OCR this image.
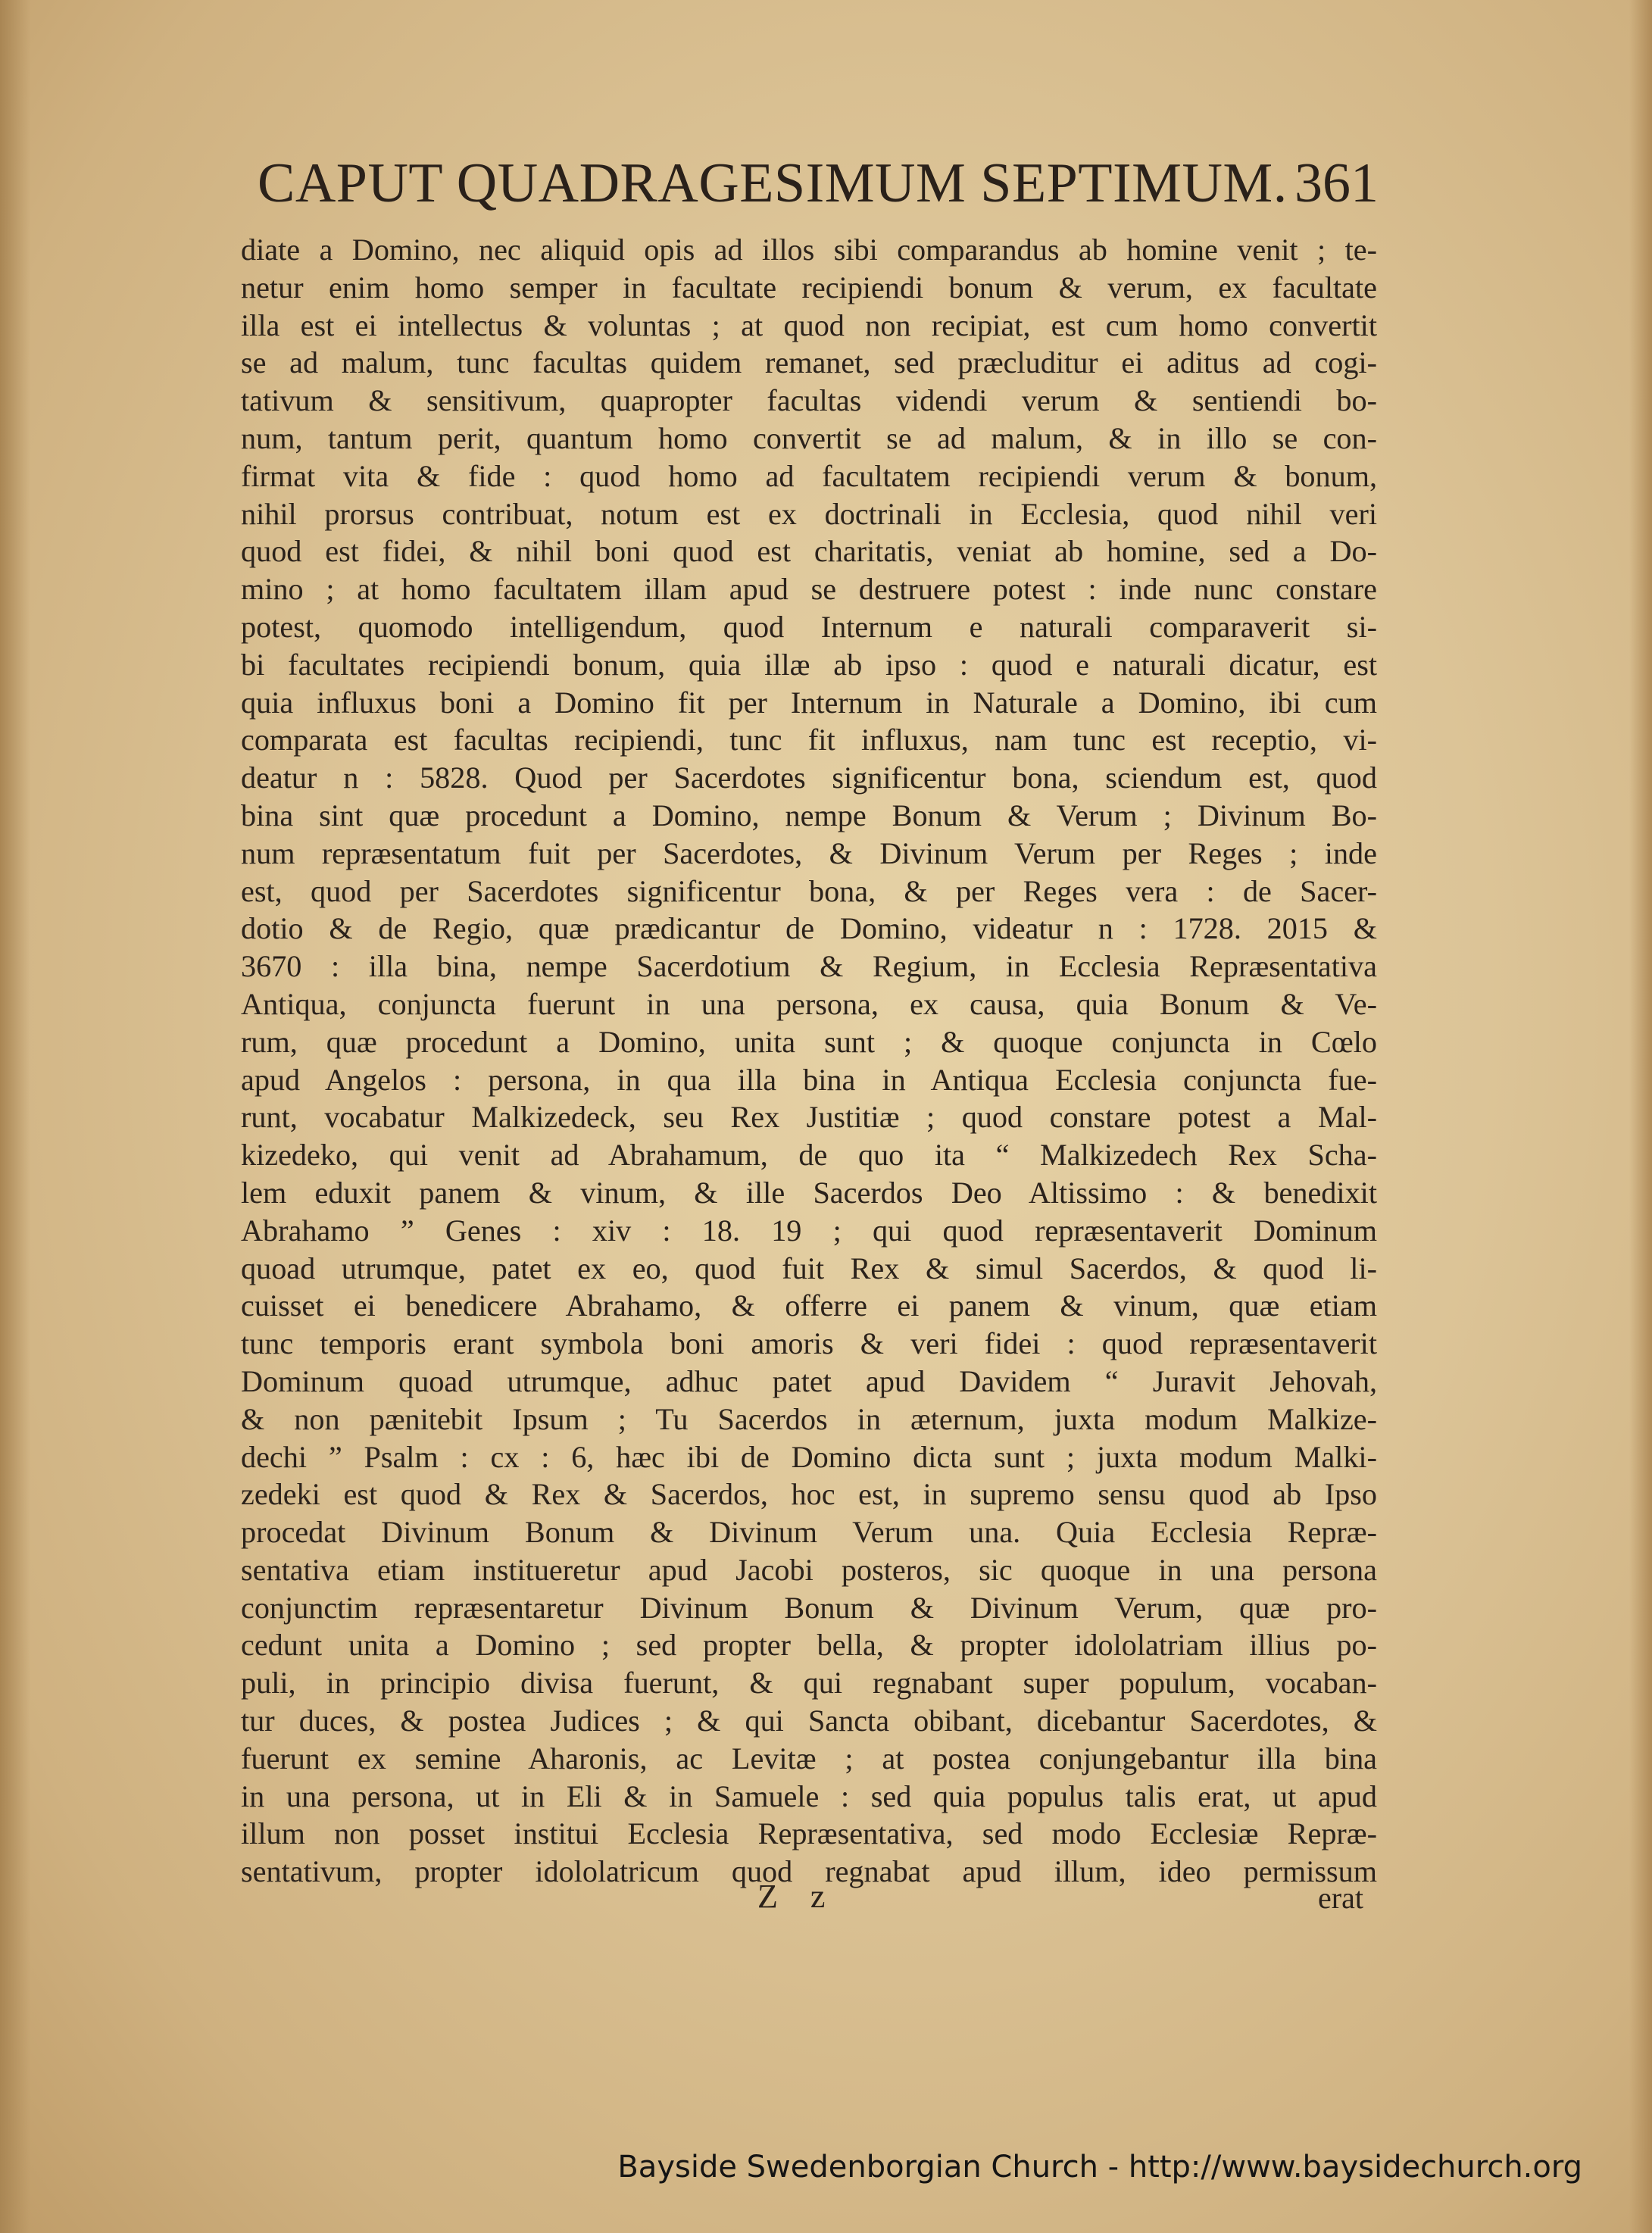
CAPUT QUADRAGESIMUM SEPTIMUM. 361
diate a Domino, nec aliquid opis ad illos sibi comparandus ab homine venit ; te-
netur enim homo semper in facultate recipiendi bonum & verum, ex facultate
illa est ei intellectus & voluntas ; at quod non recipiat, est cum homo convertit
se ad malum, tunc facultas quidem remanet, sed præcluditur ei aditus ad cogi-
tativum & sensitivum, quapropter facultas videndi verum & sentiendi bo-
num, tantum perit, quantum homo convertit se ad malum, & in illo se con-
firmat vita & fide : quod homo ad facultatem recipiendi verum & bonum,
nihil prorsus contribuat, notum est ex doctrinali in Ecclesia, quod nihil veri
quod est fidei, & nihil boni quod est charitatis, veniat ab homine, sed a Do-
mino ; at homo facultatem illam apud se destruere potest : inde nunc constare
potest, quomodo intelligendum, quod Internum e naturali comparaverit si-
bi facultates recipiendi bonum, quia illæ ab ipso : quod e naturali dicatur, est
quia influxus boni a Domino fit per Internum in Naturale a Domino, ibi cum
comparata est facultas recipiendi, tunc fit influxus, nam tunc est receptio, vi-
deatur n : 5828. Quod per Sacerdotes significentur bona, sciendum est, quod
bina sint quæ procedunt a Domino, nempe Bonum & Verum ; Divinum Bo-
num repræsentatum fuit per Sacerdotes, & Divinum Verum per Reges ; inde
est, quod per Sacerdotes significentur bona, & per Reges vera : de Sacer-
dotio & de Regio, quæ prædicantur de Domino, videatur n : 1728. 2015 &
3670 : illa bina, nempe Sacerdotium & Regium, in Ecclesia Repræsentativa
Antiqua, conjuncta fuerunt in una persona, ex causa, quia Bonum & Ve-
rum, quæ procedunt a Domino, unita sunt ; & quoque conjuncta in Cœlo
apud Angelos : persona, in qua illa bina in Antiqua Ecclesia conjuncta fue-
runt, vocabatur Malkizedeck, seu Rex Justitiæ ; quod constare potest a Mal-
kizedeko, qui venit ad Abrahamum, de quo ita “ Malkizedech Rex Scha-
lem eduxit panem & vinum, & ille Sacerdos Deo Altissimo : & benedixit
Abrahamo ” Genes : xiv : 18. 19 ; qui quod repræsentaverit Dominum
quoad utrumque, patet ex eo, quod fuit Rex & simul Sacerdos, & quod li-
cuisset ei benedicere Abrahamo, & offerre ei panem & vinum, quæ etiam
tunc temporis erant symbola boni amoris & veri fidei : quod repræsentaverit
Dominum quoad utrumque, adhuc patet apud Davidem “ Juravit Jehovah,
& non pænitebit Ipsum ; Tu Sacerdos in æternum, juxta modum Malkize-
dechi ” Psalm : cx : 6, hæc ibi de Domino dicta sunt ; juxta modum Malki-
zedeki est quod & Rex & Sacerdos, hoc est, in supremo sensu quod ab Ipso
procedat Divinum Bonum & Divinum Verum una. Quia Ecclesia Repræ-
sentativa etiam institueretur apud Jacobi posteros, sic quoque in una persona
conjunctim repræsentaretur Divinum Bonum & Divinum Verum, quæ pro-
cedunt unita a Domino ; sed propter bella, & propter idololatriam illius po-
puli, in principio divisa fuerunt, & qui regnabant super populum, vocaban-
tur duces, & postea Judices ; & qui Sancta obibant, dicebantur Sacerdotes, &
fuerunt ex semine Aharonis, ac Levitæ ; at postea conjungebantur illa bina
in una persona, ut in Eli & in Samuele : sed quia populus talis erat, ut apud
illum non posset institui Ecclesia Repræsentativa, sed modo Ecclesiæ Repræ-
sentativum, propter idololatricum quod regnabat apud illum, ideo permissum
Z z	erat
Bayside Swedenborgian Church - http://www.baysidechurch.org
